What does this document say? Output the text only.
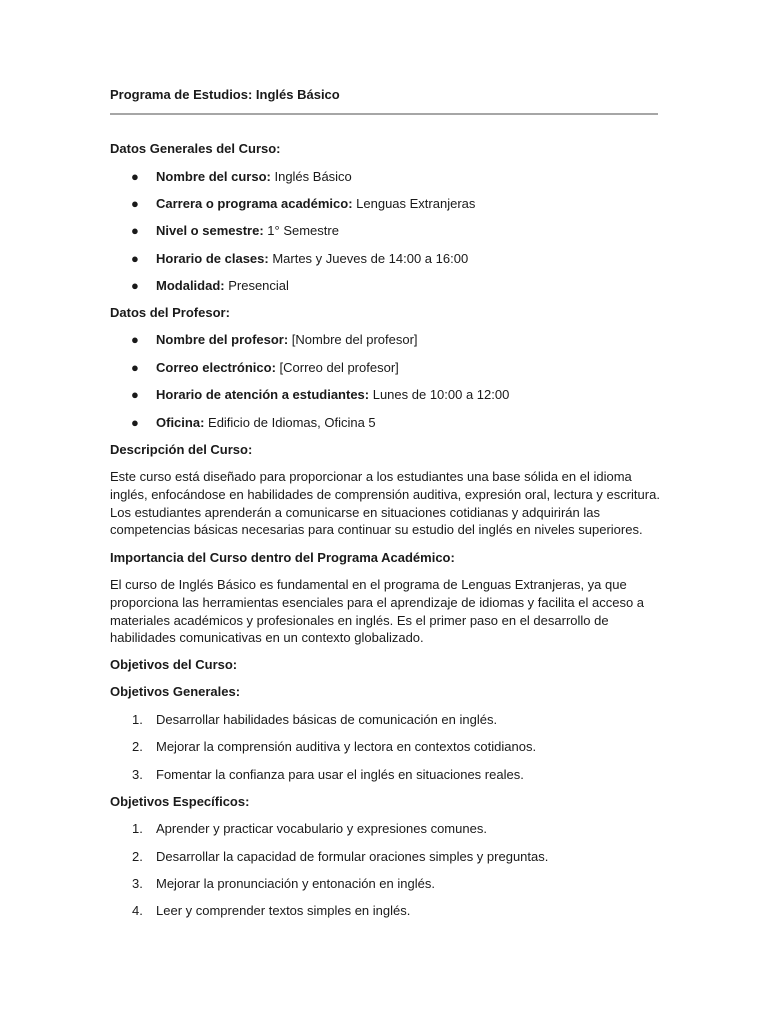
Programa de Estudios: Inglés Básico
Datos Generales del Curso:
● Nombre del curso: Inglés Básico
● Carrera o programa académico: Lenguas Extranjeras
● Nivel o semestre: 1° Semestre
● Horario de clases: Martes y Jueves de 14:00 a 16:00
● Modalidad: Presencial
Datos del Profesor:
● Nombre del profesor: [Nombre del profesor]
● Correo electrónico: [Correo del profesor]
● Horario de atención a estudiantes: Lunes de 10:00 a 12:00
● Oficina: Edificio de Idiomas, Oficina 5
Descripción del Curso:
Este curso está diseñado para proporcionar a los estudiantes una base sólida en el idioma
inglés, enfocándose en habilidades de comprensión auditiva, expresión oral, lectura y escritura.
Los estudiantes aprenderán a comunicarse en situaciones cotidianas y adquirirán las
competencias básicas necesarias para continuar su estudio del inglés en niveles superiores.
Importancia del Curso dentro del Programa Académico:
El curso de Inglés Básico es fundamental en el programa de Lenguas Extranjeras, ya que
proporciona las herramientas esenciales para el aprendizaje de idiomas y facilita el acceso a
materiales académicos y profesionales en inglés. Es el primer paso en el desarrollo de
habilidades comunicativas en un contexto globalizado.
Objetivos del Curso:
Objetivos Generales:
1. Desarrollar habilidades básicas de comunicación en inglés.
2. Mejorar la comprensión auditiva y lectora en contextos cotidianos.
3. Fomentar la confianza para usar el inglés en situaciones reales.
Objetivos Específicos:
1. Aprender y practicar vocabulario y expresiones comunes.
2. Desarrollar la capacidad de formular oraciones simples y preguntas.
3. Mejorar la pronunciación y entonación en inglés.
4. Leer y comprender textos simples en inglés.
